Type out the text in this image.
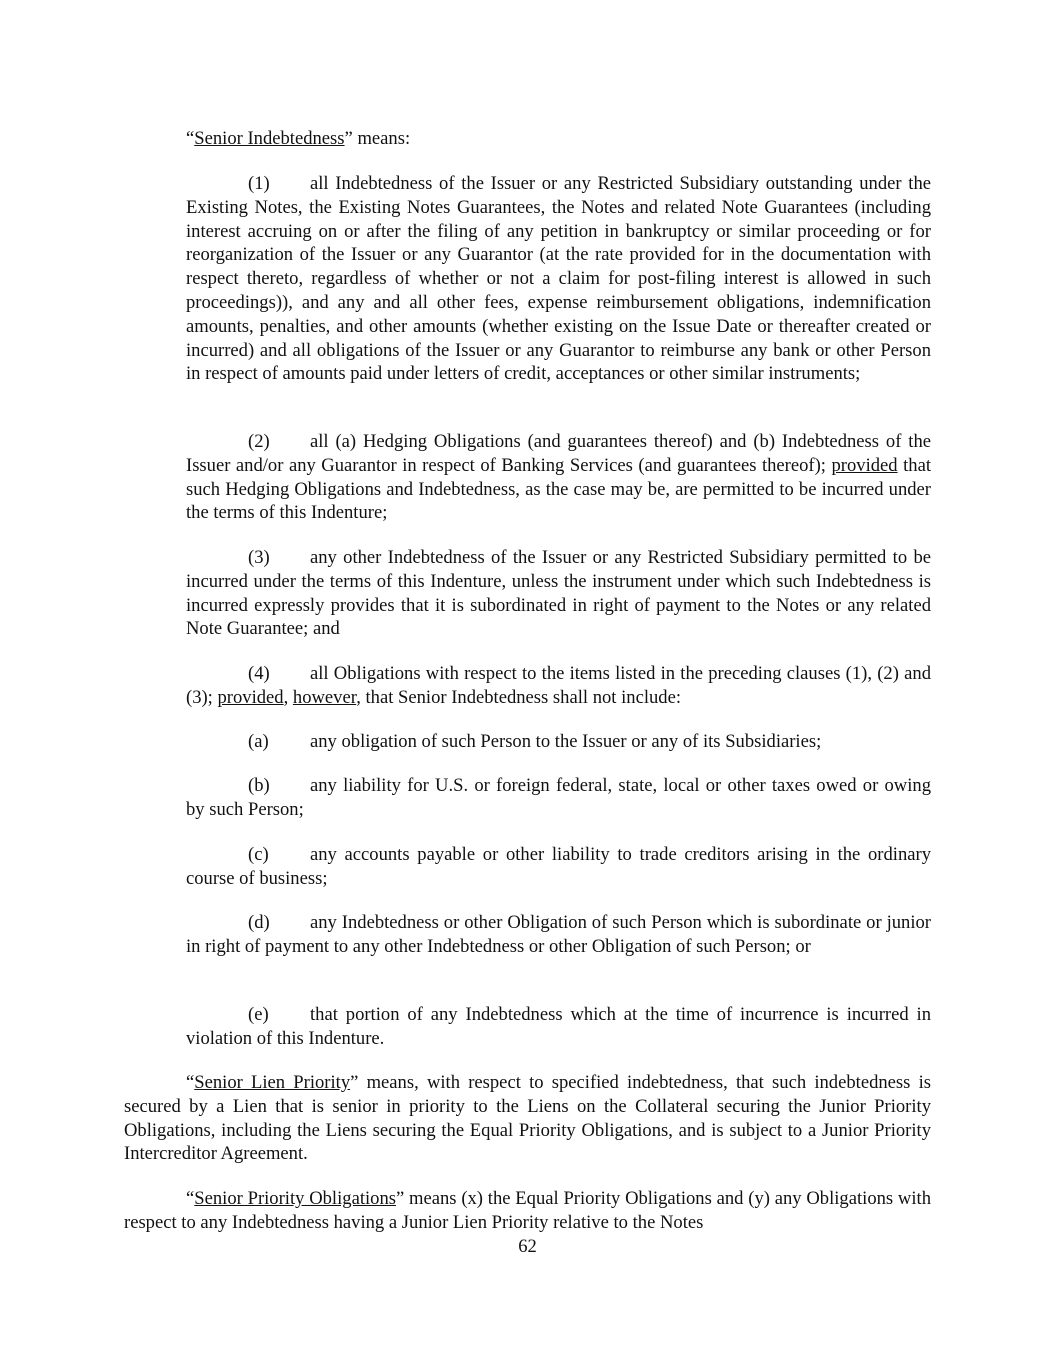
“Senior Indebtedness” means:

(1) all Indebtedness of the Issuer or any Restricted Subsidiary outstanding under the Existing Notes, the Existing Notes Guarantees, the Notes and related Note Guarantees (including interest accruing on or after the filing of any petition in bankruptcy or similar proceeding or for reorganization of the Issuer or any Guarantor (at the rate provided for in the documentation with respect thereto, regardless of whether or not a claim for post-filing interest is allowed in such proceedings)), and any and all other fees, expense reimbursement obligations, indemnification amounts, penalties, and other amounts (whether existing on the Issue Date or thereafter created or incurred) and all obligations of the Issuer or any Guarantor to reimburse any bank or other Person in respect of amounts paid under letters of credit, acceptances or other similar instruments;

(2) all (a) Hedging Obligations (and guarantees thereof) and (b) Indebtedness of the Issuer and/or any Guarantor in respect of Banking Services (and guarantees thereof); provided that such Hedging Obligations and Indebtedness, as the case may be, are permitted to be incurred under the terms of this Indenture;

(3) any other Indebtedness of the Issuer or any Restricted Subsidiary permitted to be incurred under the terms of this Indenture, unless the instrument under which such Indebtedness is incurred expressly provides that it is subordinated in right of payment to the Notes or any related Note Guarantee; and

(4) all Obligations with respect to the items listed in the preceding clauses (1), (2) and (3); provided, however, that Senior Indebtedness shall not include:

(a) any obligation of such Person to the Issuer or any of its Subsidiaries;

(b) any liability for U.S. or foreign federal, state, local or other taxes owed or owing by such Person;

(c) any accounts payable or other liability to trade creditors arising in the ordinary course of business;

(d) any Indebtedness or other Obligation of such Person which is subordinate or junior in right of payment to any other Indebtedness or other Obligation of such Person; or

(e) that portion of any Indebtedness which at the time of incurrence is incurred in violation of this Indenture.

“Senior Lien Priority” means, with respect to specified indebtedness, that such indebtedness is secured by a Lien that is senior in priority to the Liens on the Collateral securing the Junior Priority Obligations, including the Liens securing the Equal Priority Obligations, and is subject to a Junior Priority Intercreditor Agreement.

“Senior Priority Obligations” means (x) the Equal Priority Obligations and (y) any Obligations with respect to any Indebtedness having a Junior Lien Priority relative to the Notes

62
